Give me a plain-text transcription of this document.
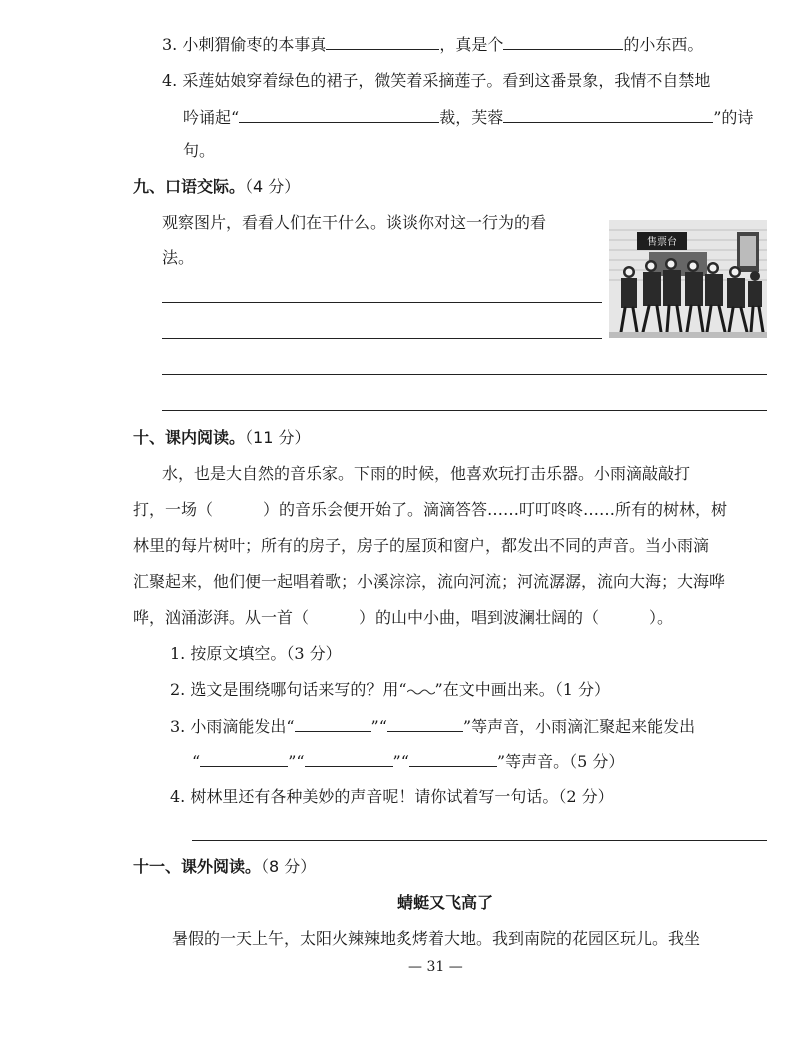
3. 小刺猬偷枣的本事真	，真是个	的小东西。
4. 采莲姑娘穿着绿色的裙子，微笑着采摘莲子。看到这番景象，我情不自禁地
吟诵起“	裁，芙蓉	”的诗
句。
九、口语交际。（4 分）
观察图片，看看人们在干什么。谈谈你对这一行为的看
法。
售票台
十、课内阅读。（11 分）
水，也是大自然的音乐家。下雨的时候，他喜欢玩打击乐器。小雨滴敲敲打
打，一场（	）的音乐会便开始了。滴滴答答……叮叮咚咚……所有的树林，树
林里的每片树叶；所有的房子，房子的屋顶和窗户，都发出不同的声音。当小雨滴
汇聚起来，他们便一起唱着歌；小溪淙淙，流向河流；河流潺潺，流向大海；大海哗
哗，汹涌澎湃。从一首（	）的山中小曲，唱到波澜壮阔的（	）。
1. 按原文填空。（3 分）
2. 选文是围绕哪句话来写的？用“ ”在文中画出来。（1 分）
3. 小雨滴能发出“	”“	”等声音，小雨滴汇聚起来能发出
“	”“	”“	”等声音。（5 分）
4. 树林里还有各种美妙的声音呢！请你试着写一句话。（2 分）
十一、课外阅读。（8 分）
蜻蜓又飞高了
暑假的一天上午，太阳火辣辣地炙烤着大地。我到南院的花园区玩儿。我坐
— 31 —
